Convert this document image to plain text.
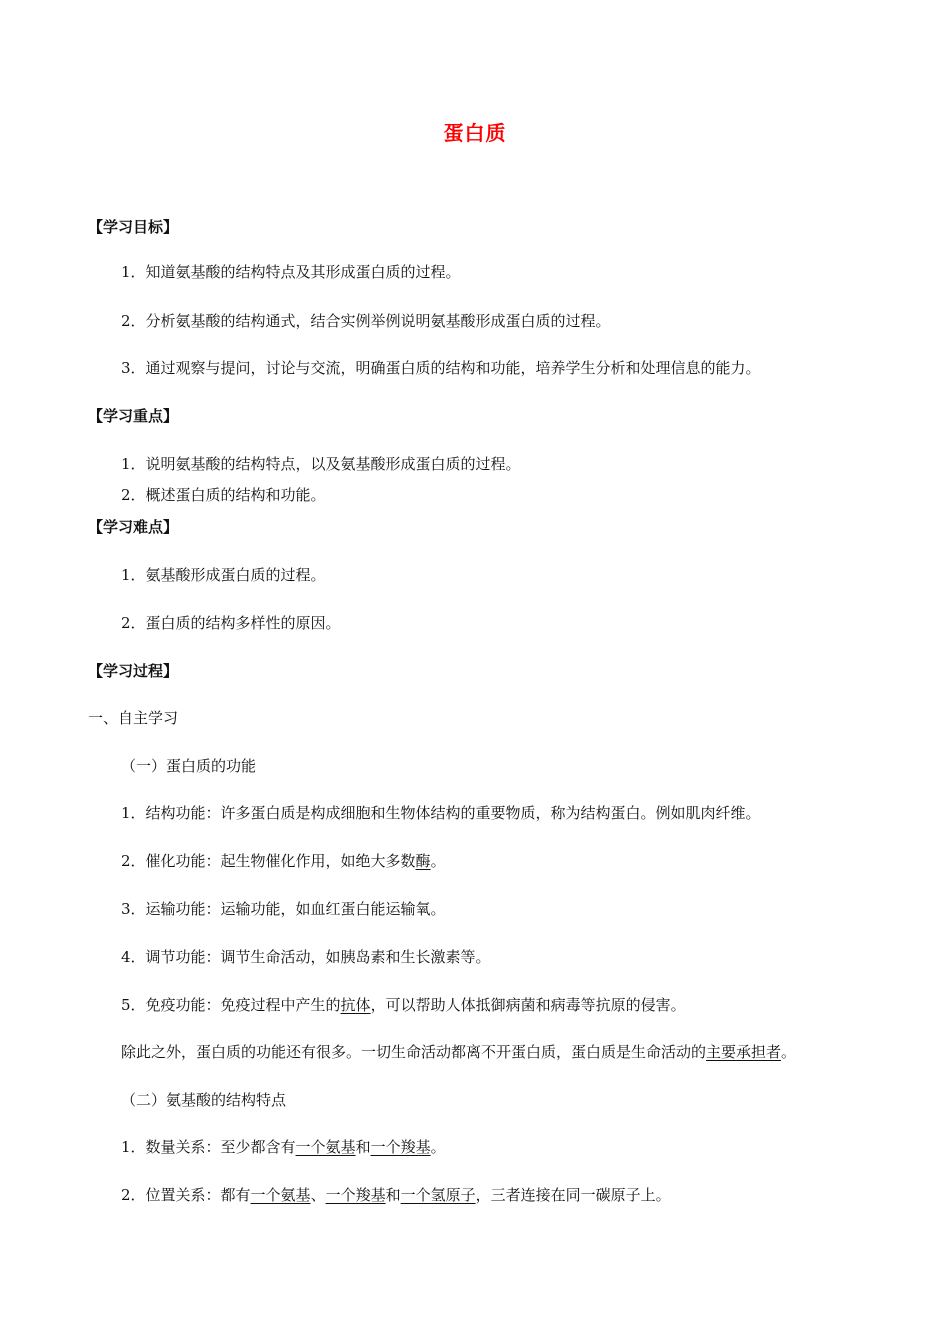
蛋白质
【学习目标】
1．知道氨基酸的结构特点及其形成蛋白质的过程。
2．分析氨基酸的结构通式，结合实例举例说明氨基酸形成蛋白质的过程。
3．通过观察与提问，讨论与交流，明确蛋白质的结构和功能，培养学生分析和处理信息的能力。
【学习重点】
1．说明氨基酸的结构特点，以及氨基酸形成蛋白质的过程。
2．概述蛋白质的结构和功能。
【学习难点】
1．氨基酸形成蛋白质的过程。
2．蛋白质的结构多样性的原因。
【学习过程】
一、自主学习
（一）蛋白质的功能
1．结构功能：许多蛋白质是构成细胞和生物体结构的重要物质，称为结构蛋白。例如肌肉纤维。
2．催化功能：起生物催化作用，如绝大多数酶。
3．运输功能：运输功能，如血红蛋白能运输氧。
4．调节功能：调节生命活动，如胰岛素和生长激素等。
5．免疫功能：免疫过程中产生的抗体，可以帮助人体抵御病菌和病毒等抗原的侵害。
除此之外，蛋白质的功能还有很多。一切生命活动都离不开蛋白质，蛋白质是生命活动的主要承担者。
（二）氨基酸的结构特点
1．数量关系：至少都含有一个氨基和一个羧基。
2．位置关系：都有一个氨基、一个羧基和一个氢原子，三者连接在同一碳原子上。
